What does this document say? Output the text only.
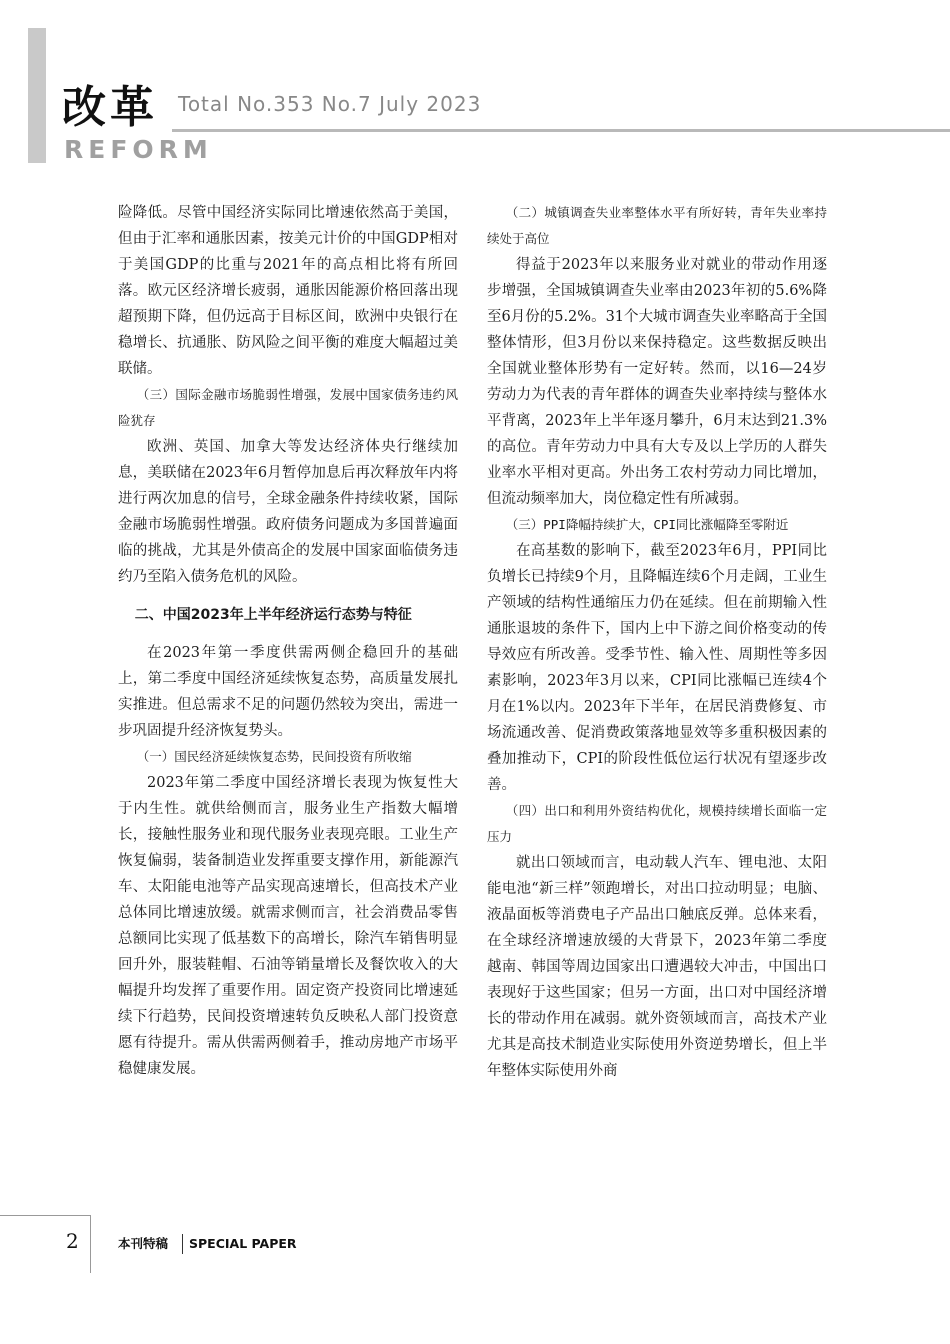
改革
REFORM
Total No.353 No.7 July 2023

险降低。尽管中国经济实际同比增速依然高于美国，但由于汇率和通胀因素，按美元计价的中国GDP相对于美国GDP的比重与2021年的高点相比将有所回落。欧元区经济增长疲弱，通胀因能源价格回落出现超预期下降，但仍远高于目标区间，欧洲中央银行在稳增长、抗通胀、防风险之间平衡的难度大幅超过美联储。

（三）国际金融市场脆弱性增强，发展中国家债务违约风险犹存

欧洲、英国、加拿大等发达经济体央行继续加息，美联储在2023年6月暂停加息后再次释放年内将进行两次加息的信号，全球金融条件持续收紧，国际金融市场脆弱性增强。政府债务问题成为多国普遍面临的挑战，尤其是外债高企的发展中国家面临债务违约乃至陷入债务危机的风险。

二、中国2023年上半年经济运行态势与特征

在2023年第一季度供需两侧企稳回升的基础上，第二季度中国经济延续恢复态势，高质量发展扎实推进。但总需求不足的问题仍然较为突出，需进一步巩固提升经济恢复势头。

（一）国民经济延续恢复态势，民间投资有所收缩

2023年第二季度中国经济增长表现为恢复性大于内生性。就供给侧而言，服务业生产指数大幅增长，接触性服务业和现代服务业表现亮眼。工业生产恢复偏弱，装备制造业发挥重要支撑作用，新能源汽车、太阳能电池等产品实现高速增长，但高技术产业总体同比增速放缓。就需求侧而言，社会消费品零售总额同比实现了低基数下的高增长，除汽车销售明显回升外，服装鞋帽、石油等销量增长及餐饮收入的大幅提升均发挥了重要作用。固定资产投资同比增速延续下行趋势，民间投资增速转负反映私人部门投资意愿有待提升。需从供需两侧着手，推动房地产市场平稳健康发展。

（二）城镇调查失业率整体水平有所好转，青年失业率持续处于高位

得益于2023年以来服务业对就业的带动作用逐步增强，全国城镇调查失业率由2023年初的5.6%降至6月份的5.2%。31个大城市调查失业率略高于全国整体情形，但3月份以来保持稳定。这些数据反映出全国就业整体形势有一定好转。然而，以16—24岁劳动力为代表的青年群体的调查失业率持续与整体水平背离，2023年上半年逐月攀升，6月末达到21.3%的高位。青年劳动力中具有大专及以上学历的人群失业率水平相对更高。外出务工农村劳动力同比增加，但流动频率加大，岗位稳定性有所减弱。

（三）PPI降幅持续扩大，CPI同比涨幅降至零附近

在高基数的影响下，截至2023年6月，PPI同比负增长已持续9个月，且降幅连续6个月走阔，工业生产领域的结构性通缩压力仍在延续。但在前期输入性通胀退坡的条件下，国内上中下游之间价格变动的传导效应有所改善。受季节性、输入性、周期性等多因素影响，2023年3月以来，CPI同比涨幅已连续4个月在1%以内。2023年下半年，在居民消费修复、市场流通改善、促消费政策落地显效等多重积极因素的叠加推动下，CPI的阶段性低位运行状况有望逐步改善。

（四）出口和利用外资结构优化，规模持续增长面临一定压力

就出口领域而言，电动载人汽车、锂电池、太阳能电池“新三样”领跑增长，对出口拉动明显；电脑、液晶面板等消费电子产品出口触底反弹。总体来看，在全球经济增速放缓的大背景下，2023年第二季度越南、韩国等周边国家出口遭遇较大冲击，中国出口表现好于这些国家；但另一方面，出口对中国经济增长的带动作用在减弱。就外资领域而言，高技术产业尤其是高技术制造业实际使用外资逆势增长，但上半年整体实际使用外商

2	本刊特稿 SPECIAL PAPER
